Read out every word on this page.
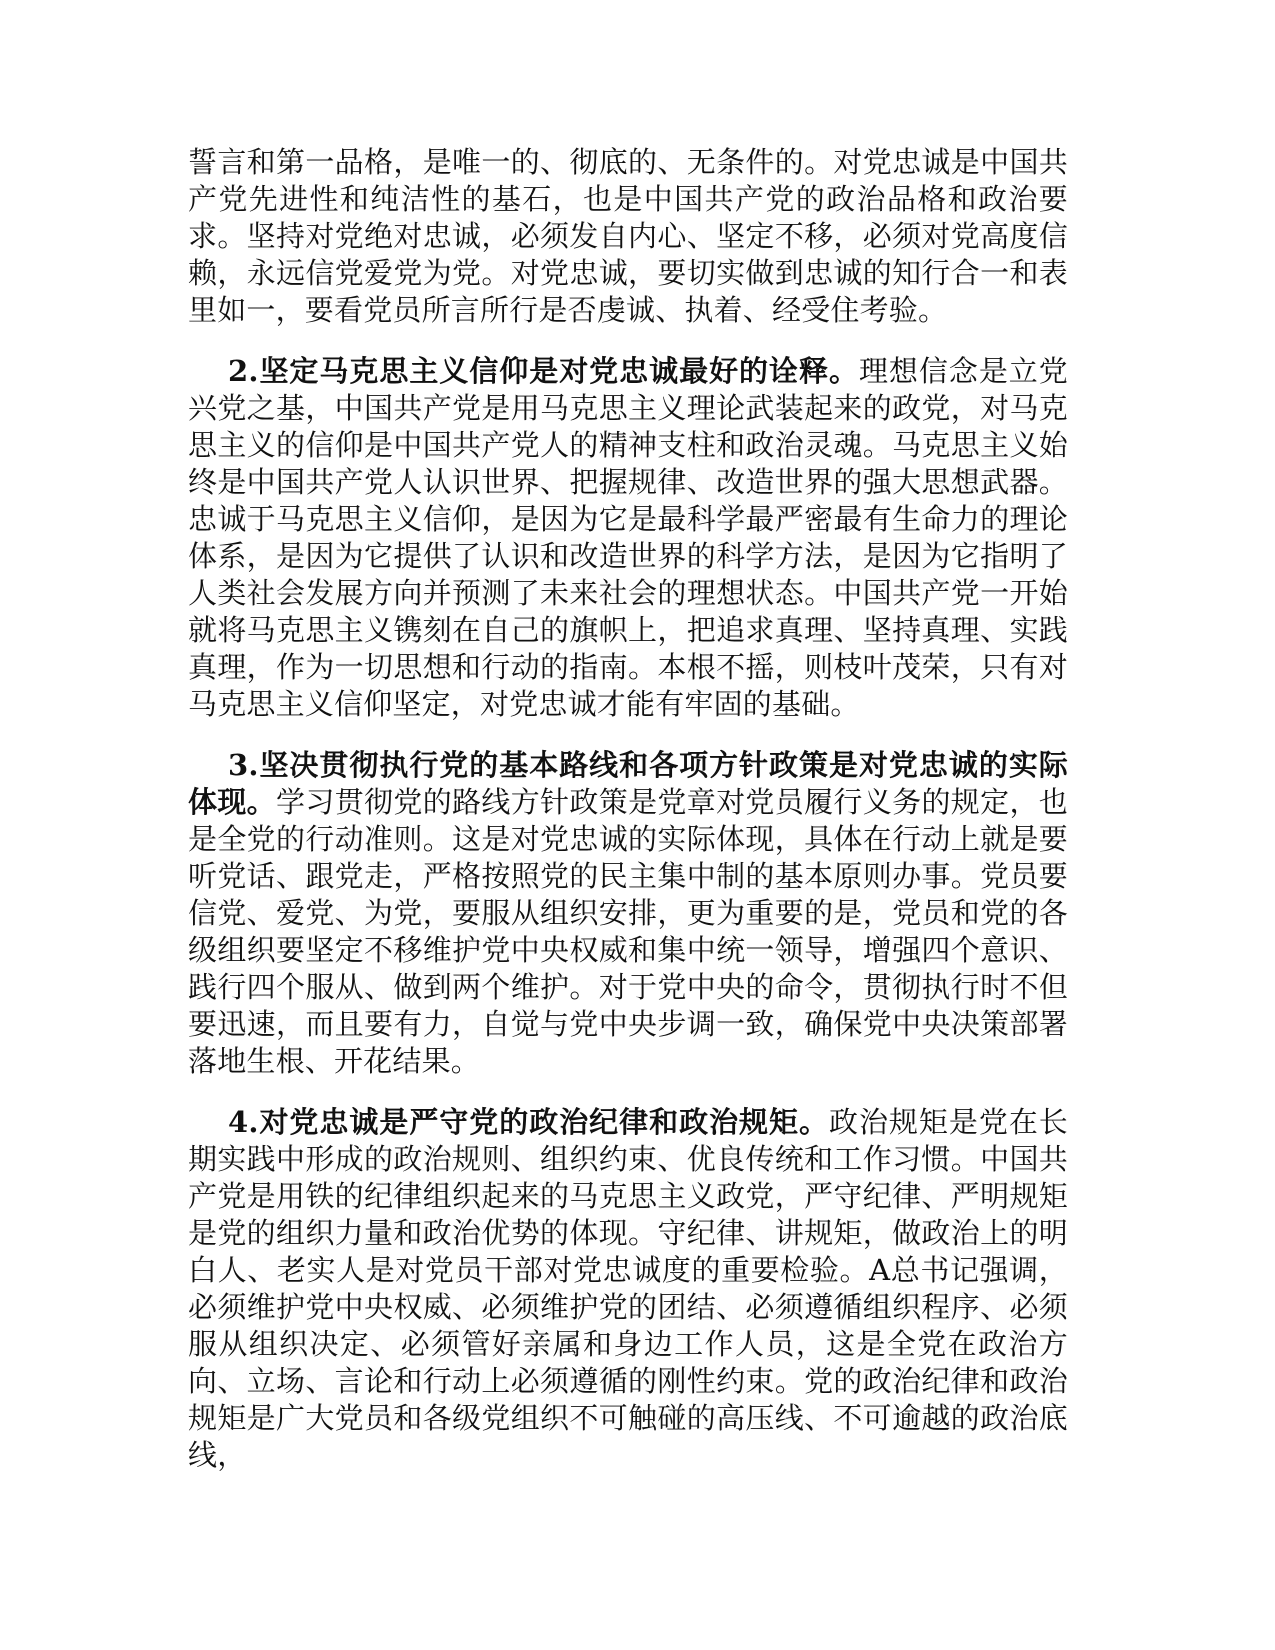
誓言和第一品格，是唯一的、彻底的、无条件的。对党忠诚是中国共产党先进性和纯洁性的基石，也是中国共产党的政治品格和政治要求。坚持对党绝对忠诚，必须发自内心、坚定不移，必须对党高度信赖，永远信党爱党为党。对党忠诚，要切实做到忠诚的知行合一和表里如一，要看党员所言所行是否虔诚、执着、经受住考验。

2.坚定马克思主义信仰是对党忠诚最好的诠释。理想信念是立党兴党之基，中国共产党是用马克思主义理论武装起来的政党，对马克思主义的信仰是中国共产党人的精神支柱和政治灵魂。马克思主义始终是中国共产党人认识世界、把握规律、改造世界的强大思想武器。忠诚于马克思主义信仰，是因为它是最科学最严密最有生命力的理论体系，是因为它提供了认识和改造世界的科学方法，是因为它指明了人类社会发展方向并预测了未来社会的理想状态。中国共产党一开始就将马克思主义镌刻在自己的旗帜上，把追求真理、坚持真理、实践真理，作为一切思想和行动的指南。本根不摇，则枝叶茂荣，只有对马克思主义信仰坚定，对党忠诚才能有牢固的基础。

3.坚决贯彻执行党的基本路线和各项方针政策是对党忠诚的实际体现。学习贯彻党的路线方针政策是党章对党员履行义务的规定，也是全党的行动准则。这是对党忠诚的实际体现，具体在行动上就是要听党话、跟党走，严格按照党的民主集中制的基本原则办事。党员要信党、爱党、为党，要服从组织安排，更为重要的是，党员和党的各级组织要坚定不移维护党中央权威和集中统一领导，增强四个意识、践行四个服从、做到两个维护。对于党中央的命令，贯彻执行时不但要迅速，而且要有力，自觉与党中央步调一致，确保党中央决策部署落地生根、开花结果。

4.对党忠诚是严守党的政治纪律和政治规矩。政治规矩是党在长期实践中形成的政治规则、组织约束、优良传统和工作习惯。中国共产党是用铁的纪律组织起来的马克思主义政党，严守纪律、严明规矩是党的组织力量和政治优势的体现。守纪律、讲规矩，做政治上的明白人、老实人是对党员干部对党忠诚度的重要检验。A总书记强调，必须维护党中央权威、必须维护党的团结、必须遵循组织程序、必须服从组织决定、必须管好亲属和身边工作人员，这是全党在政治方向、立场、言论和行动上必须遵循的刚性约束。党的政治纪律和政治规矩是广大党员和各级党组织不可触碰的高压线、不可逾越的政治底线，
